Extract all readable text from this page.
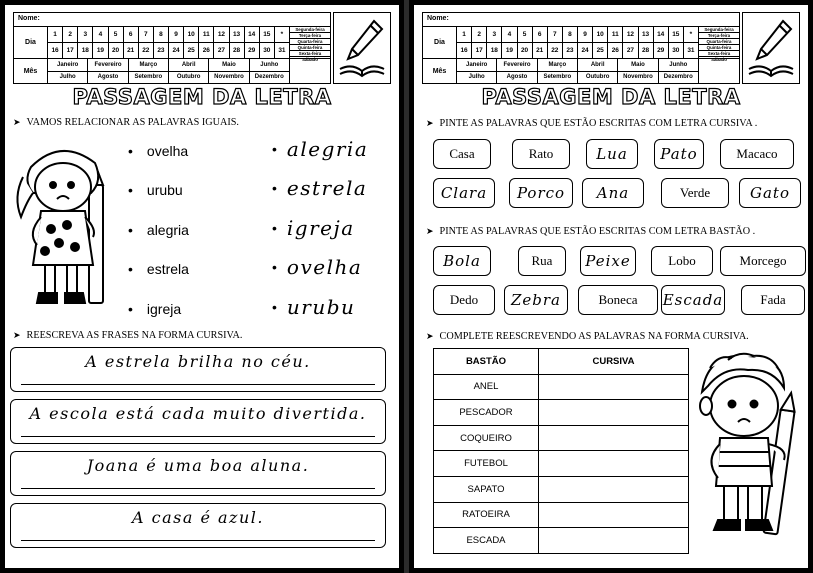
Nome:
Dia
1	2	3	4	5	6	7	8	9	10	11	12	13	14	15	*
16	17	18	19	20	21	22	23	24	25	26	27	28	29	30	31
Segunda-feira
Terça-feira
Quarta-feira
Quinta-feira
Sexta-feira
Sábado
Mês
Janeiro	Fevereiro	Março	Abril	Maio	Junho
Julho	Agosto	Setembro	Outubro	Novembro	Dezembro
PASSAGEM DA LETRA
➤ VAMOS RELACIONAR AS PALAVRAS IGUAIS.
• ovelha
• urubu
• alegria
• estrela
• igreja
• alegria
• estrela
• igreja
• ovelha
• urubu
➤ REESCREVA AS FRASES NA FORMA CURSIVA.
A estrela brilha no céu.
A escola está cada muito divertida.
Joana é uma boa aluna.
A casa é azul.
Nome:
Dia
1	2	3	4	5	6	7	8	9	10	11	12	13	14	15	*
16	17	18	19	20	21	22	23	24	25	26	27	28	29	30	31
Segunda-feira
Terça-feira
Quarta-feira
Quinta-feira
Sexta-feira
Sábado
Mês
Janeiro	Fevereiro	Março	Abril	Maio	Junho
Julho	Agosto	Setembro	Outubro	Novembro	Dezembro
PASSAGEM DA LETRA
➤ PINTE AS PALAVRAS QUE ESTÃO ESCRITAS COM LETRA CURSIVA .
Casa	Rato	Lua	Pato	Macaco
Clara	Porco	Ana	Verde	Gato
➤ PINTE AS PALAVRAS QUE ESTÃO ESCRITAS COM LETRA BASTÃO .
Bola	Rua	Peixe	Lobo	Morcego
Dedo	Zebra	Boneca	Escada	Fada
➤ COMPLETE REESCREVENDO AS PALAVRAS NA FORMA CURSIVA.
BASTÃO	CURSIVA
ANEL	
PESCADOR	
COQUEIRO	
FUTEBOL	
SAPATO	
RATOEIRA	
ESCADA	
